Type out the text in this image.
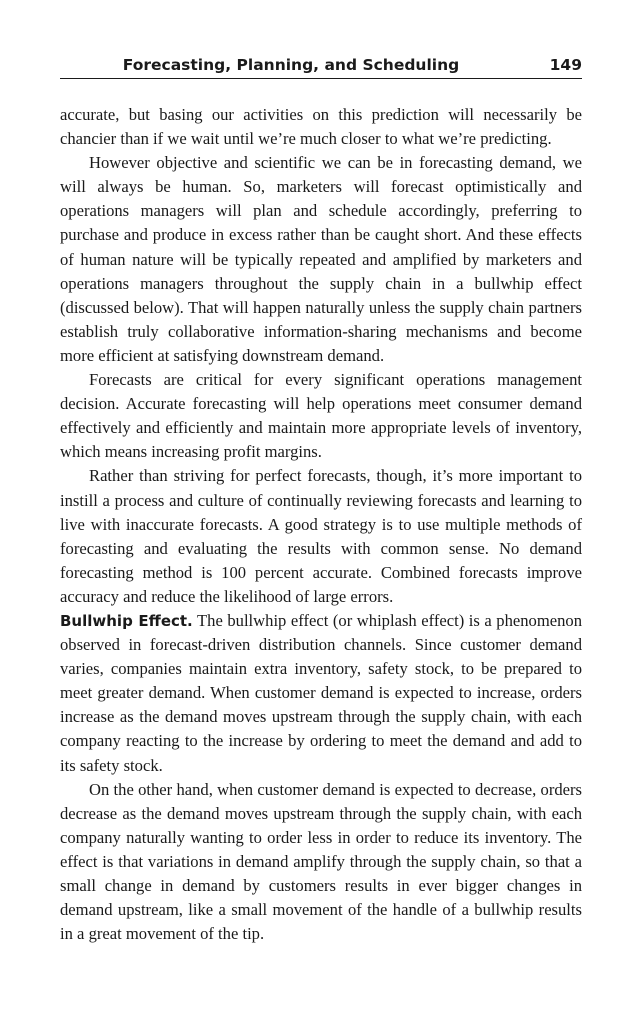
Forecasting, Planning, and Scheduling	149

accurate, but basing our activities on this prediction will necessarily be chancier than if we wait until we’re much closer to what we’re predicting.

However objective and scientific we can be in forecasting demand, we will always be human. So, marketers will forecast optimistically and operations managers will plan and schedule accordingly, preferring to purchase and produce in excess rather than be caught short. And these effects of human nature will be typically repeated and amplified by marketers and operations managers throughout the supply chain in a bullwhip effect (discussed below). That will happen naturally unless the supply chain partners establish truly collaborative information-sharing mechanisms and become more efficient at satisfying downstream demand.

Forecasts are critical for every significant operations management decision. Accurate forecasting will help operations meet consumer demand effectively and efficiently and maintain more appropriate levels of inventory, which means increasing profit margins.

Rather than striving for perfect forecasts, though, it’s more important to instill a process and culture of continually reviewing forecasts and learning to live with inaccurate forecasts. A good strategy is to use multiple methods of forecasting and evaluating the results with common sense. No demand forecasting method is 100 percent accurate. Combined forecasts improve accuracy and reduce the likelihood of large errors.

Bullwhip Effect. The bullwhip effect (or whiplash effect) is a phenomenon observed in forecast-driven distribution channels. Since customer demand varies, companies maintain extra inventory, safety stock, to be prepared to meet greater demand. When customer demand is expected to increase, orders increase as the demand moves upstream through the supply chain, with each company reacting to the increase by ordering to meet the demand and add to its safety stock.

On the other hand, when customer demand is expected to decrease, orders decrease as the demand moves upstream through the supply chain, with each company naturally wanting to order less in order to reduce its inventory. The effect is that variations in demand amplify through the supply chain, so that a small change in demand by customers results in ever bigger changes in demand upstream, like a small movement of the handle of a bullwhip results in a great movement of the tip.
